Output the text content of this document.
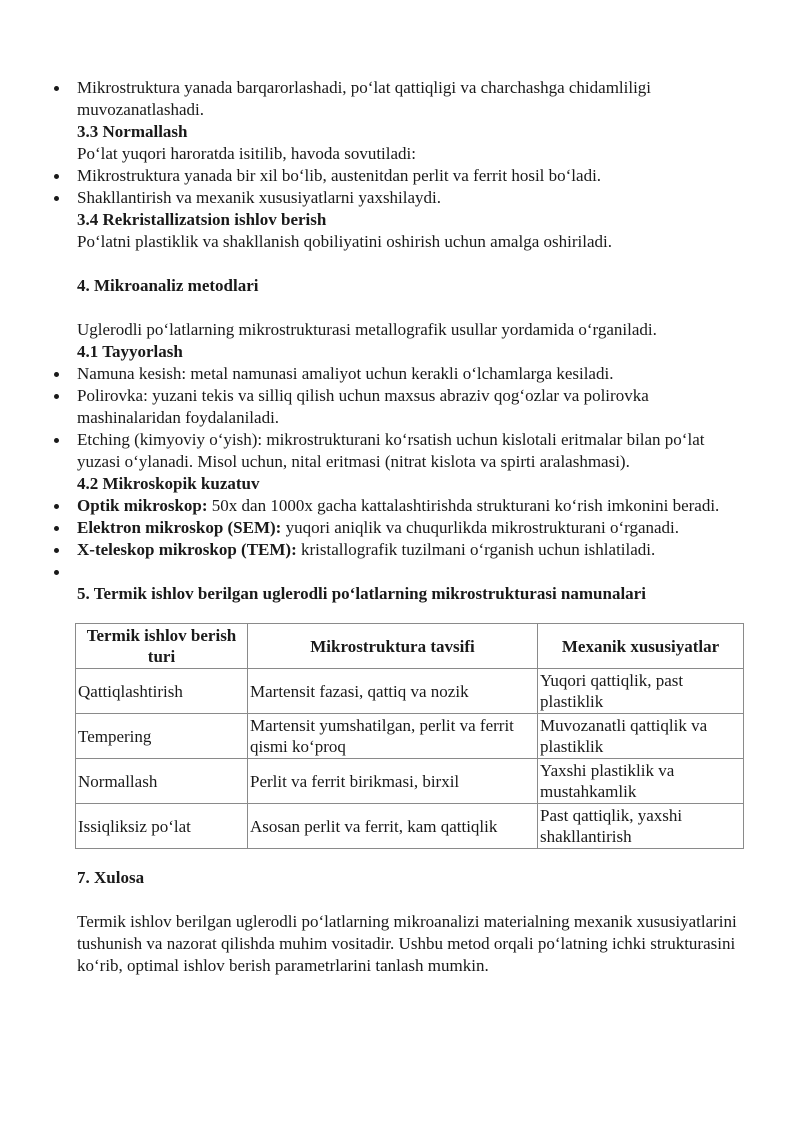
Mikrostruktura yanada barqarorlashadi, po‘lat qattiqligi va charchashga chidamliligi muvozanatlashadi.
3.3 Normallash
Po‘lat yuqori haroratda isitilib, havoda sovutiladi:
Mikrostruktura yanada bir xil bo‘lib, austenitdan perlit va ferrit hosil bo‘ladi.
Shakllantirish va mexanik xususiyatlarni yaxshilaydi.
3.4 Rekristallizatsion ishlov berish
Po‘latni plastiklik va shakllanish qobiliyatini oshirish uchun amalga oshiriladi.
4. Mikroanaliz metodlari
Uglerodli po‘latlarning mikrostrukturasi metallografik usullar yordamida o‘rganiladi.
4.1 Tayyorlash
Namuna kesish: metal namunasi amaliyot uchun kerakli o‘lchamlarga kesiladi.
Polirovka: yuzani tekis va silliq qilish uchun maxsus abraziv qog‘ozlar va polirovka mashinalaridan foydalaniladi.
Etching (kimyoviy o‘yish): mikrostrukturani ko‘rsatish uchun kislotali eritmalar bilan po‘lat yuzasi o‘ylanadi. Misol uchun, nital eritmasi (nitrat kislota va spirti aralashmasi).
4.2 Mikroskopik kuzatuv
Optik mikroskop: 50x dan 1000x gacha kattalashtirishda strukturani ko‘rish imkonini beradi.
Elektron mikroskop (SEM): yuqori aniqlik va chuqurlikda mikrostrukturani o‘rganadi.
X-teleskop mikroskop (TEM): kristallografik tuzilmani o‘rganish uchun ishlatiladi.
5. Termik ishlov berilgan uglerodli po‘latlarning mikrostrukturasi namunalari
Termik ishlov berish turi	Mikrostruktura tavsifi	Mexanik xususiyatlar
Qattiqlashtirish	Martensit fazasi, qattiq va nozik	Yuqori qattiqlik, past plastiklik
Tempering	Martensit yumshatilgan, perlit va ferrit qismi ko‘proq	Muvozanatli qattiqlik va plastiklik
Normallash	Perlit va ferrit birikmasi, birxil	Yaxshi plastiklik va mustahkamlik
Issiqliksiz po‘lat	Asosan perlit va ferrit, kam qattiqlik	Past qattiqlik, yaxshi shakllantirish
7. Xulosa
Termik ishlov berilgan uglerodli po‘latlarning mikroanalizi materialning mexanik xususiyatlarini tushunish va nazorat qilishda muhim vositadir. Ushbu metod orqali po‘latning ichki strukturasini ko‘rib, optimal ishlov berish parametrlarini tanlash mumkin.
